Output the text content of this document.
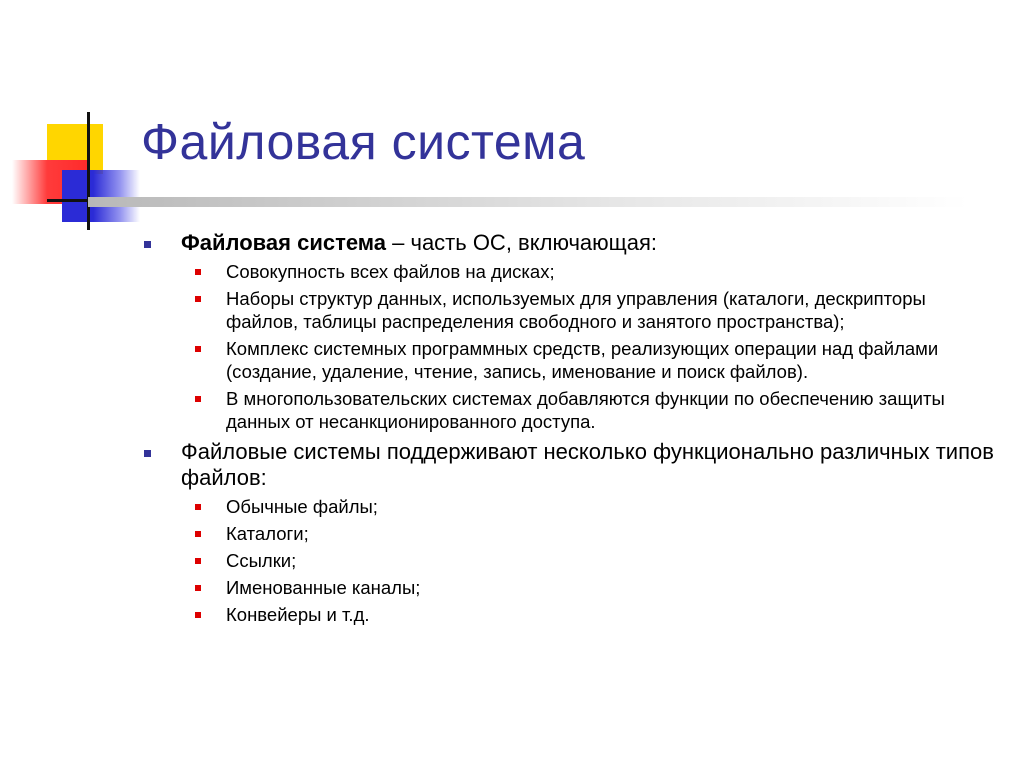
Файловая система
Файловая система – часть ОС, включающая:
Совокупность всех файлов на дисках;
Наборы структур данных, используемых для управления (каталоги, дескрипторы файлов, таблицы распределения свободного и занятого пространства);
Комплекс системных программных средств, реализующих операции над файлами (создание, удаление, чтение, запись, именование и поиск файлов).
В многопользовательских системах добавляются функции по обеспечению защиты данных от несанкционированного доступа.
Файловые системы поддерживают несколько функционально различных типов файлов:
Обычные файлы;
Каталоги;
Ссылки;
Именованные каналы;
Конвейеры и т.д.
